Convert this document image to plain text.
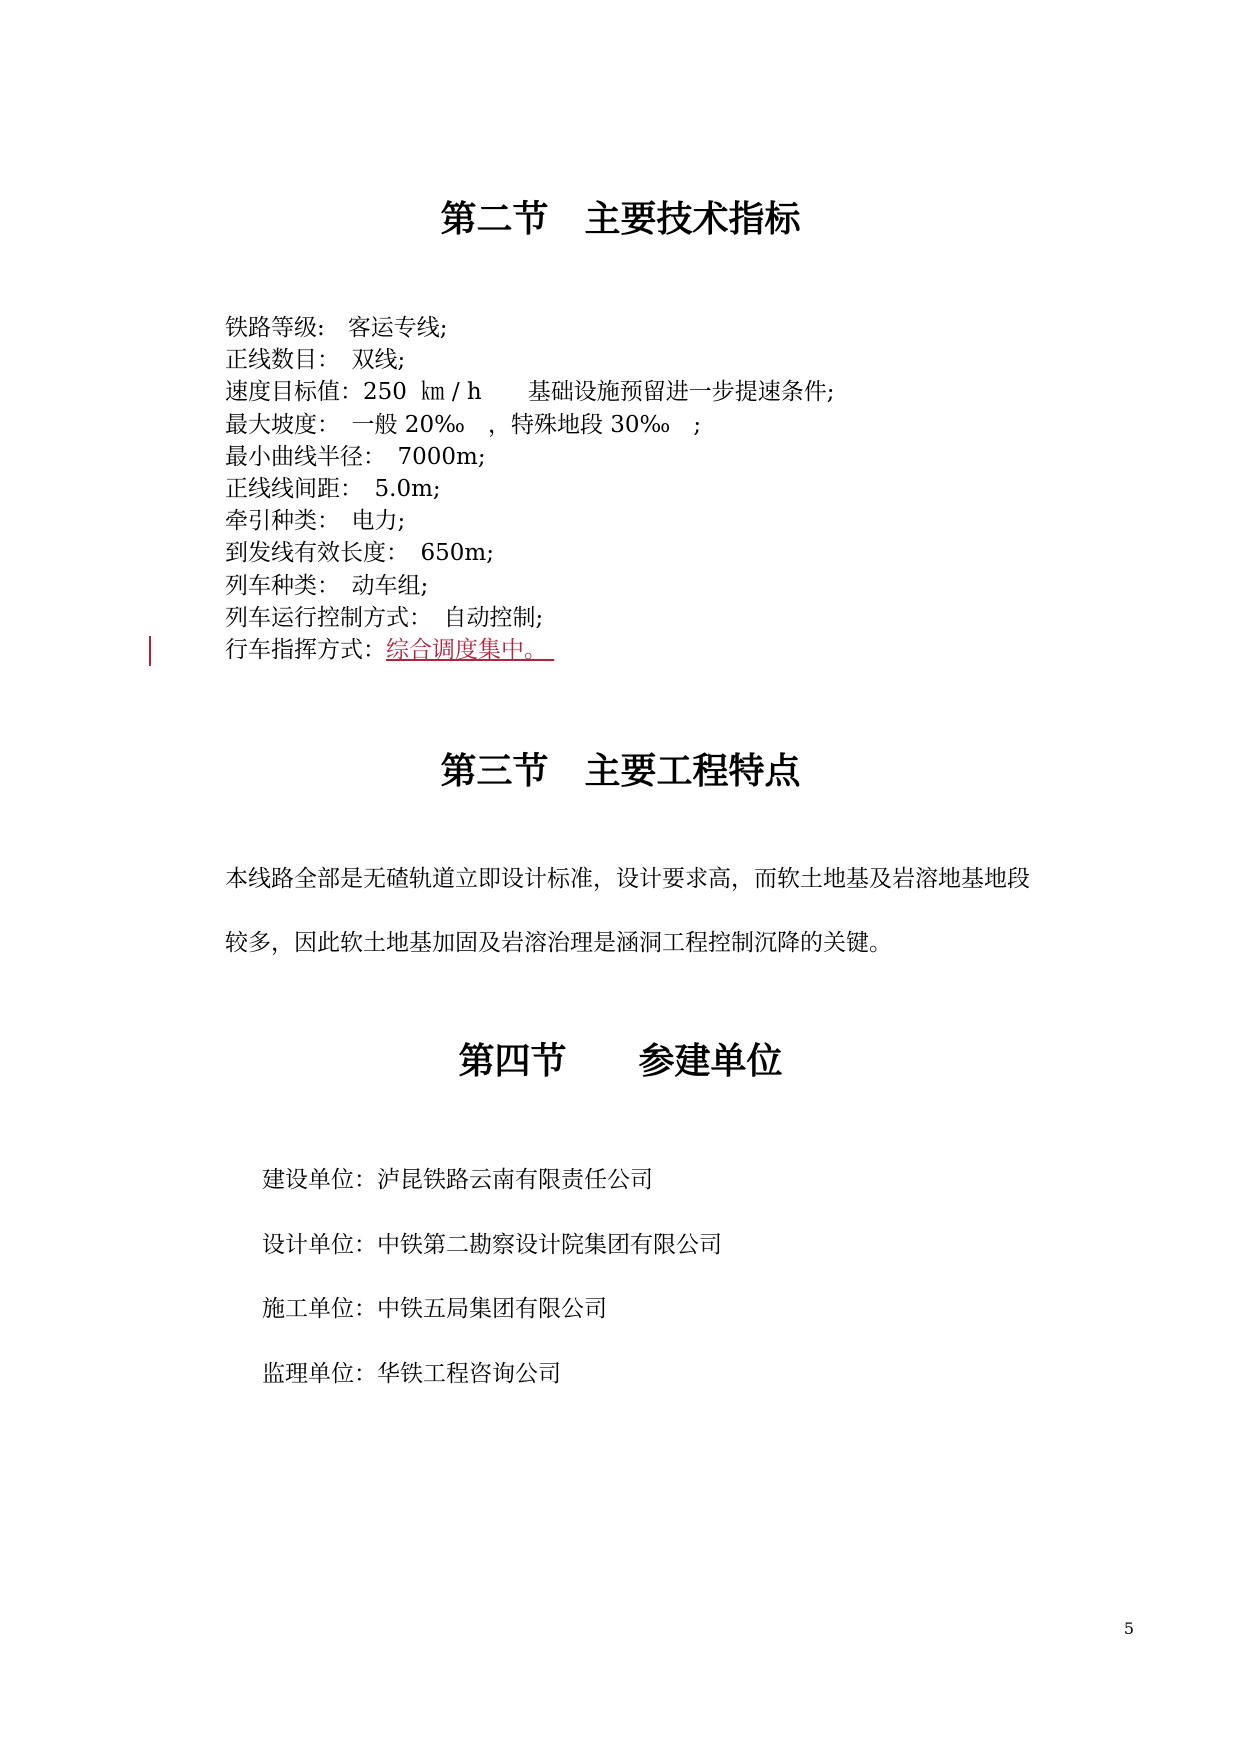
第二节　主要技术指标
铁路等级:　客运专线;
正线数目：　双线;
速度目标值：250  ㎞ / h　　基础设施预留进一步提速条件;
最大坡度：　一般 20‰　，特殊地段 30‰　;
最小曲线半径：　7000m;
正线线间距：　5.0m;
牵引种类：　电力;
到发线有效长度：　650m;
列车种类：　动车组;
列车运行控制方式：　自动控制;
行车指挥方式：综合调度集中。
第三节　主要工程特点

本线路全部是无碴轨道立即设计标准，设计要求高，而软土地基及岩溶地基地段

较多，因此软土地基加固及岩溶治理是涵洞工程控制沉降的关键。

第四节　　参建单位
建设单位：泸昆铁路云南有限责任公司
设计单位：中铁第二勘察设计院集团有限公司
施工单位：中铁五局集团有限公司
监理单位：华铁工程咨询公司

5
